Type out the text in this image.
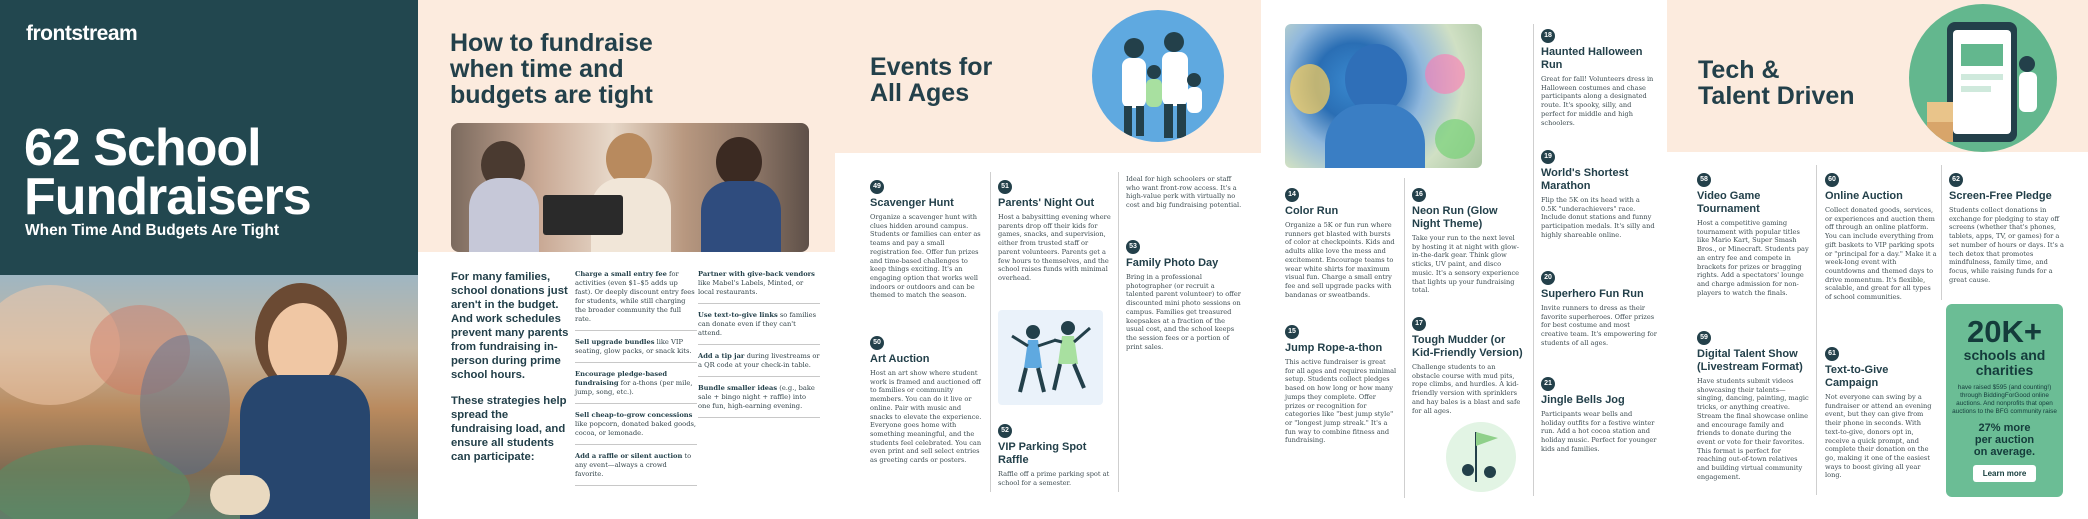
frontstream
62 School
Fundraisers
When Time And Budgets Are Tight
How to fundraise
when time and
budgets are tight

For many families, school donations just aren't in the budget. And work schedules prevent many parents from fundraising in-person during prime school hours.

These strategies help spread the fundraising load, and ensure all students can participate:

Charge a small entry fee for activities (even $1–$5 adds up fast). Or deeply discount entry fees for students, while still charging the broader community the full rate.
Sell upgrade bundles like VIP seating, glow packs, or snack kits.
Encourage pledge-based fundraising for a-thons (per mile, jump, song, etc.).
Sell cheap-to-grow concessions like popcorn, donated baked goods, cocoa, or lemonade.
Add a raffle or silent auction to any event—always a crowd favorite.
Partner with give-back vendors like Mabel's Labels, Minted, or local restaurants.
Use text-to-give links so families can donate even if they can't attend.
Add a tip jar during livestreams or a QR code at your check-in table.
Bundle smaller ideas (e.g., bake sale + bingo night + raffle) into one fun, high-earning evening.
Events for
All Ages
49
Scavenger Hunt
Organize a scavenger hunt with clues hidden around campus. Students or families can enter as teams and pay a small registration fee. Offer fun prizes and time-based challenges to keep things exciting. It's an engaging option that works well indoors or outdoors and can be themed to match the season.
50
Art Auction
Host an art show where student work is framed and auctioned off to families or community members. You can do it live or online. Pair with music and snacks to elevate the experience. Everyone goes home with something meaningful, and the students feel celebrated. You can even print and sell select entries as greeting cards or posters.
51
Parents' Night Out
Host a babysitting evening where parents drop off their kids for games, snacks, and supervision, either from trusted staff or parent volunteers. Parents get a few hours to themselves, and the school raises funds with minimal overhead.
52
VIP Parking Spot Raffle
Raffle off a prime parking spot at school for a semester.
Ideal for high schoolers or staff who want front-row access. It's a high-value perk with virtually no cost and big fundraising potential.
53
Family Photo Day
Bring in a professional photographer (or recruit a talented parent volunteer) to offer discounted mini photo sessions on campus. Families get treasured keepsakes at a fraction of the usual cost, and the school keeps the session fees or a portion of print sales.
14
Color Run
Organize a 5K or fun run where runners get blasted with bursts of color at checkpoints. Kids and adults alike love the mess and excitement. Encourage teams to wear white shirts for maximum visual fun. Charge a small entry fee and sell upgrade packs with bandanas or sweatbands.
15
Jump Rope-a-thon
This active fundraiser is great for all ages and requires minimal setup. Students collect pledges based on how long or how many jumps they complete. Offer prizes or recognition for categories like "best jump style" or "longest jump streak." It's a fun way to combine fitness and fundraising.
16
Neon Run (Glow Night Theme)
Take your run to the next level by hosting it at night with glow-in-the-dark gear. Think glow sticks, UV paint, and disco music. It's a sensory experience that lights up your fundraising total.
17
Tough Mudder (or Kid-Friendly Version)
Challenge students to an obstacle course with mud pits, rope climbs, and hurdles. A kid-friendly version with sprinklers and hay bales is a blast and safe for all ages.
18
Haunted Halloween Run
Great for fall! Volunteers dress in Halloween costumes and chase participants along a designated route. It's spooky, silly, and perfect for middle and high schoolers.
19
World's Shortest Marathon
Flip the 5K on its head with a 0.5K "underachievers" race. Include donut stations and funny participation medals. It's silly and highly shareable online.
20
Superhero Fun Run
Invite runners to dress as their favorite superheroes. Offer prizes for best costume and most creative team. It's empowering for students of all ages.
21
Jingle Bells Jog
Participants wear bells and holiday outfits for a festive winter run. Add a hot cocoa station and holiday music. Perfect for younger kids and families.
Tech &
Talent Driven
58
Video Game Tournament
Host a competitive gaming tournament with popular titles like Mario Kart, Super Smash Bros., or Minecraft. Students pay an entry fee and compete in brackets for prizes or bragging rights. Add a spectators' lounge and charge admission for non-players to watch the finals.
59
Digital Talent Show (Livestream Format)
Have students submit videos showcasing their talents—singing, dancing, painting, magic tricks, or anything creative. Stream the final showcase online and encourage family and friends to donate during the event or vote for their favorites. This format is perfect for reaching out-of-town relatives and building virtual community engagement.
60
Online Auction
Collect donated goods, services, or experiences and auction them off through an online platform. You can include everything from gift baskets to VIP parking spots or "principal for a day." Make it a week-long event with countdowns and themed days to drive momentum. It's flexible, scalable, and great for all types of school communities.
61
Text-to-Give Campaign
Not everyone can swing by a fundraiser or attend an evening event, but they can give from their phone in seconds. With text-to-give, donors opt in, receive a quick prompt, and complete their donation on the go, making it one of the easiest ways to boost giving all year long.
62
Screen-Free Pledge
Students collect donations in exchange for pledging to stay off screens (whether that's phones, tablets, apps, TV, or games) for a set number of hours or days. It's a tech detox that promotes mindfulness, family time, and focus, while raising funds for a great cause.
20K+
schools and
charities
have raised $595 (and counting!) through BiddingForGood online auctions. And nonprofits that open auctions to the BFG community raise
27% more
per auction
on average.
Learn more
